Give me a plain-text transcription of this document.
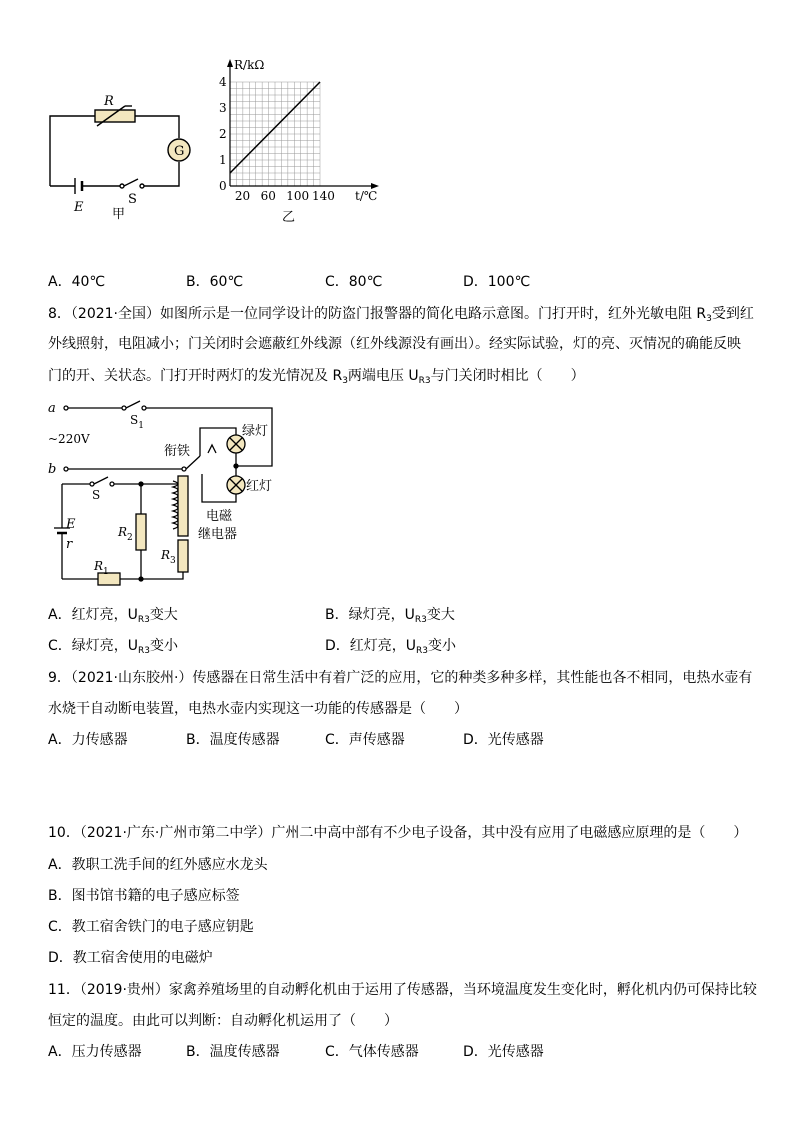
R
G
E
S
甲
0
1
2
3
4
20 60 100 140
R/kΩ
t/℃
乙
A．40℃	B．60℃	C．80℃	D．100℃
8．（2021·全国）如图所示是一位同学设计的防盗门报警器的简化电路示意图。门打开时，红外光敏电阻 $R_3$受到红
外线照射，电阻减小；门关闭时会遮蔽红外线源（红外线源没有画出）。经实际试验，灯的亮、灭情况的确能反映
门的开、关状态。门打开时两灯的发光情况及 $R_3$两端电压 $U_{R3}$与门关闭时相比（　　）
a
$S_1$
~220V
b
衔铁
绿灯
红灯
S
E
r
$R_1$
$R_2$
$R_3$
电磁
继电器
A．红灯亮，$U_{R3}$变大	B．绿灯亮，$U_{R3}$变大
C．绿灯亮，$U_{R3}$变小	D．红灯亮，$U_{R3}$变小
9．（2021·山东胶州·）传感器在日常生活中有着广泛的应用，它的种类多种多样，其性能也各不相同，电热水壶有
水烧干自动断电装置，电热水壶内实现这一功能的传感器是（　　）
A．力传感器	B．温度传感器	C．声传感器	D．光传感器
10．（2021·广东·广州市第二中学）广州二中高中部有不少电子设备，其中没有应用了电磁感应原理的是（　　）
A．教职工洗手间的红外感应水龙头
B．图书馆书籍的电子感应标签
C．教工宿舍铁门的电子感应钥匙
D．教工宿舍使用的电磁炉
11．（2019·贵州）家禽养殖场里的自动孵化机由于运用了传感器，当环境温度发生变化时，孵化机内仍可保持比较
恒定的温度。由此可以判断：自动孵化机运用了（　　）
A．压力传感器	B．温度传感器	C．气体传感器	D．光传感器
